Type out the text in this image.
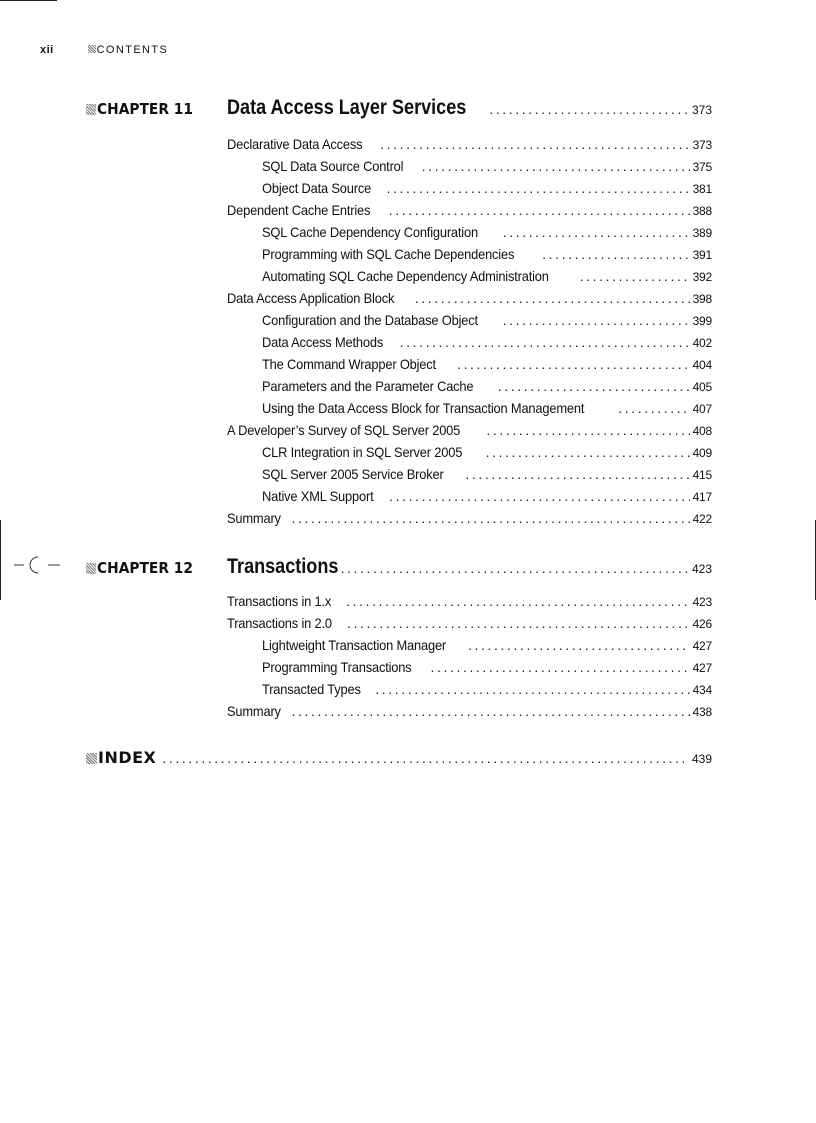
xii	CONTENTS
CHAPTER 11 Data Access Layer Services .....	373
Declarative Data Access .....	373
SQL Data Source Control .....	375
Object Data Source .....	381
Dependent Cache Entries .....	388
SQL Cache Dependency Configuration .....	389
Programming with SQL Cache Dependencies .....	391
Automating SQL Cache Dependency Administration .....	392
Data Access Application Block .....	398
Configuration and the Database Object .....	399
Data Access Methods .....	402
The Command Wrapper Object .....	404
Parameters and the Parameter Cache .....	405
Using the Data Access Block for Transaction Management .....	407
A Developer’s Survey of SQL Server 2005 .....	408
CLR Integration in SQL Server 2005 .....	409
SQL Server 2005 Service Broker .....	415
Native XML Support .....	417
Summary .....	422
CHAPTER 12 Transactions .....	423
Transactions in 1.x .....	423
Transactions in 2.0 .....	426
Lightweight Transaction Manager .....	427
Programming Transactions .....	427
Transacted Types .....	434
Summary .....	438
INDEX .....	439
